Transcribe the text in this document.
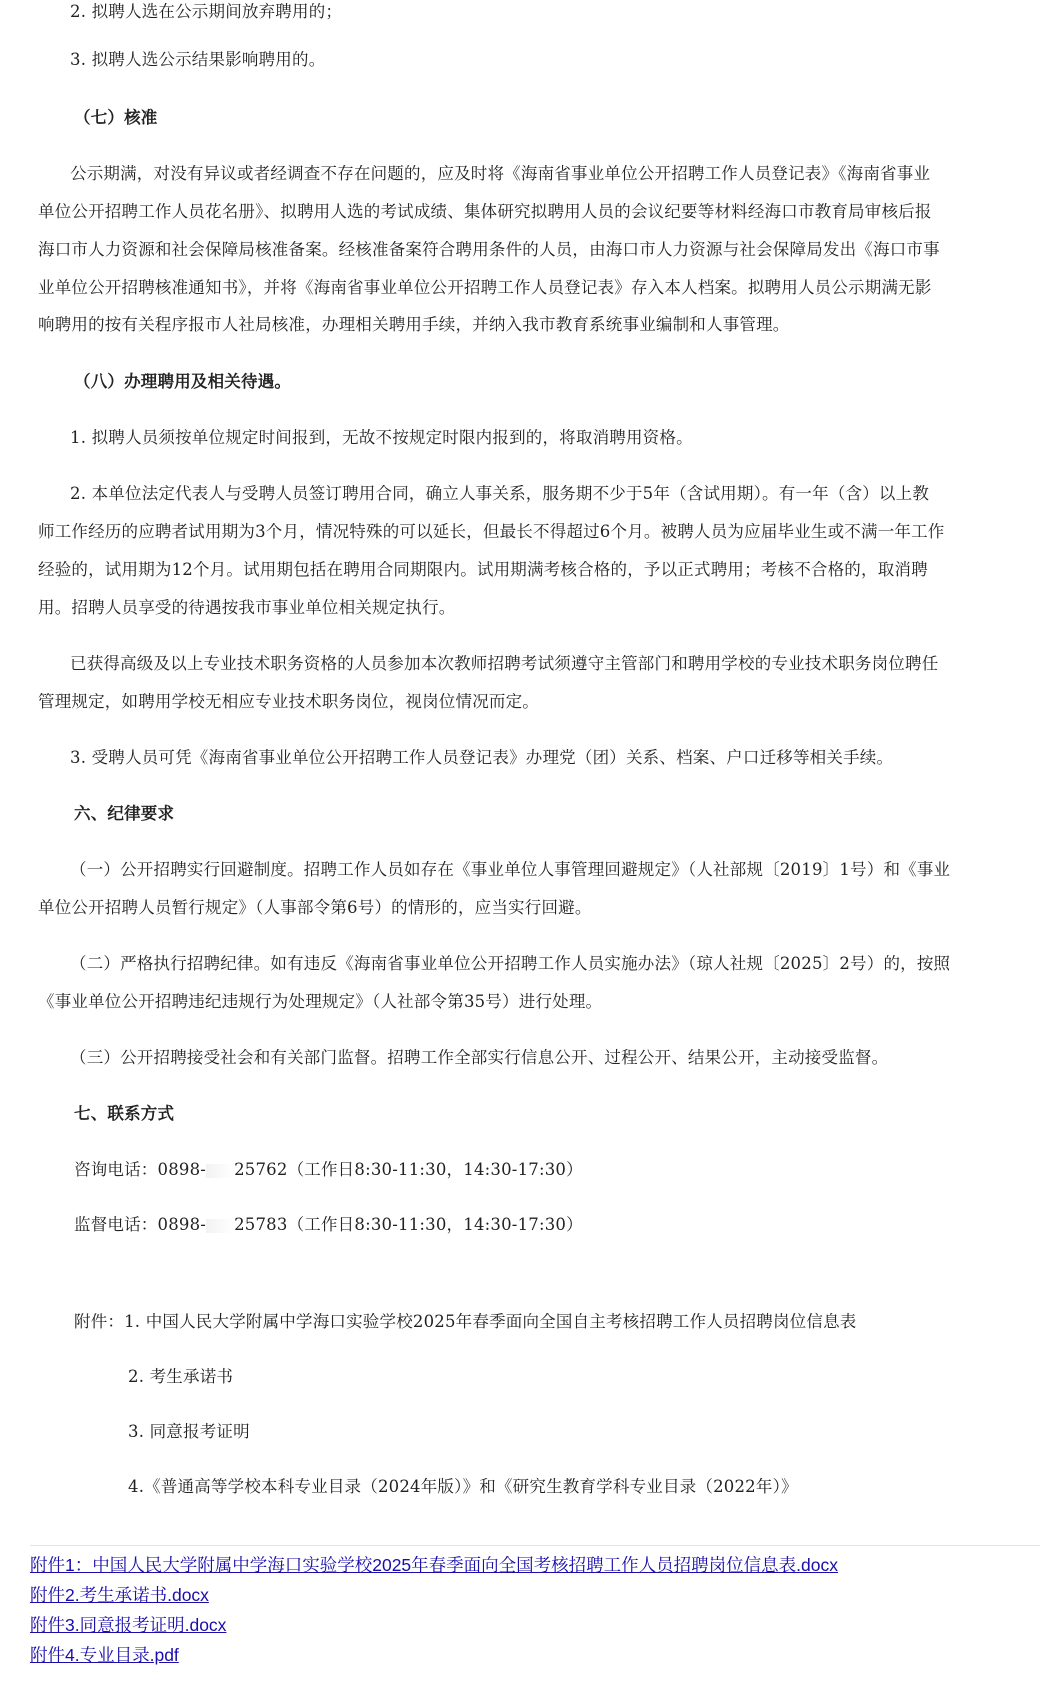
2. 拟聘人选在公示期间放弃聘用的；
3. 拟聘人选公示结果影响聘用的。
（七）核准
公示期满，对没有异议或者经调查不存在问题的，应及时将《海南省事业单位公开招聘工作人员登记表》《海南省事业
单位公开招聘工作人员花名册》、拟聘用人选的考试成绩、集体研究拟聘用人员的会议纪要等材料经海口市教育局审核后报
海口市人力资源和社会保障局核准备案。经核准备案符合聘用条件的人员，由海口市人力资源与社会保障局发出《海口市事
业单位公开招聘核准通知书》，并将《海南省事业单位公开招聘工作人员登记表》存入本人档案。拟聘用人员公示期满无影
响聘用的按有关程序报市人社局核准，办理相关聘用手续，并纳入我市教育系统事业编制和人事管理。
（八）办理聘用及相关待遇。
1. 拟聘人员须按单位规定时间报到，无故不按规定时限内报到的，将取消聘用资格。
2. 本单位法定代表人与受聘人员签订聘用合同，确立人事关系，服务期不少于5年（含试用期）。有一年（含）以上教
师工作经历的应聘者试用期为3个月，情况特殊的可以延长，但最长不得超过6个月。被聘人员为应届毕业生或不满一年工作
经验的，试用期为12个月。试用期包括在聘用合同期限内。试用期满考核合格的，予以正式聘用；考核不合格的，取消聘
用。招聘人员享受的待遇按我市事业单位相关规定执行。
已获得高级及以上专业技术职务资格的人员参加本次教师招聘考试须遵守主管部门和聘用学校的专业技术职务岗位聘任
管理规定，如聘用学校无相应专业技术职务岗位，视岗位情况而定。
3. 受聘人员可凭《海南省事业单位公开招聘工作人员登记表》办理党（团）关系、档案、户口迁移等相关手续。
六、纪律要求
（一）公开招聘实行回避制度。招聘工作人员如存在《事业单位人事管理回避规定》（人社部规〔2019〕1号）和《事业
单位公开招聘人员暂行规定》（人事部令第6号）的情形的，应当实行回避。
（二）严格执行招聘纪律。如有违反《海南省事业单位公开招聘工作人员实施办法》（琼人社规〔2025〕2号）的，按照
《事业单位公开招聘违纪违规行为处理规定》（人社部令第35号）进行处理。
（三）公开招聘接受社会和有关部门监督。招聘工作全部实行信息公开、过程公开、结果公开，主动接受监督。
七、联系方式
咨询电话：0898- 25762（工作日8:30-11:30，14:30-17:30）
监督电话：0898- 25783（工作日8:30-11:30，14:30-17:30）
附件：1. 中国人民大学附属中学海口实验学校2025年春季面向全国自主考核招聘工作人员招聘岗位信息表
2. 考生承诺书
3. 同意报考证明
4.《普通高等学校本科专业目录（2024年版）》和《研究生教育学科专业目录（2022年）》
附件1：中国人民大学附属中学海口实验学校2025年春季面向全国考核招聘工作人员招聘岗位信息表.docx
附件2.考生承诺书.docx
附件3.同意报考证明.docx
附件4.专业目录.pdf
